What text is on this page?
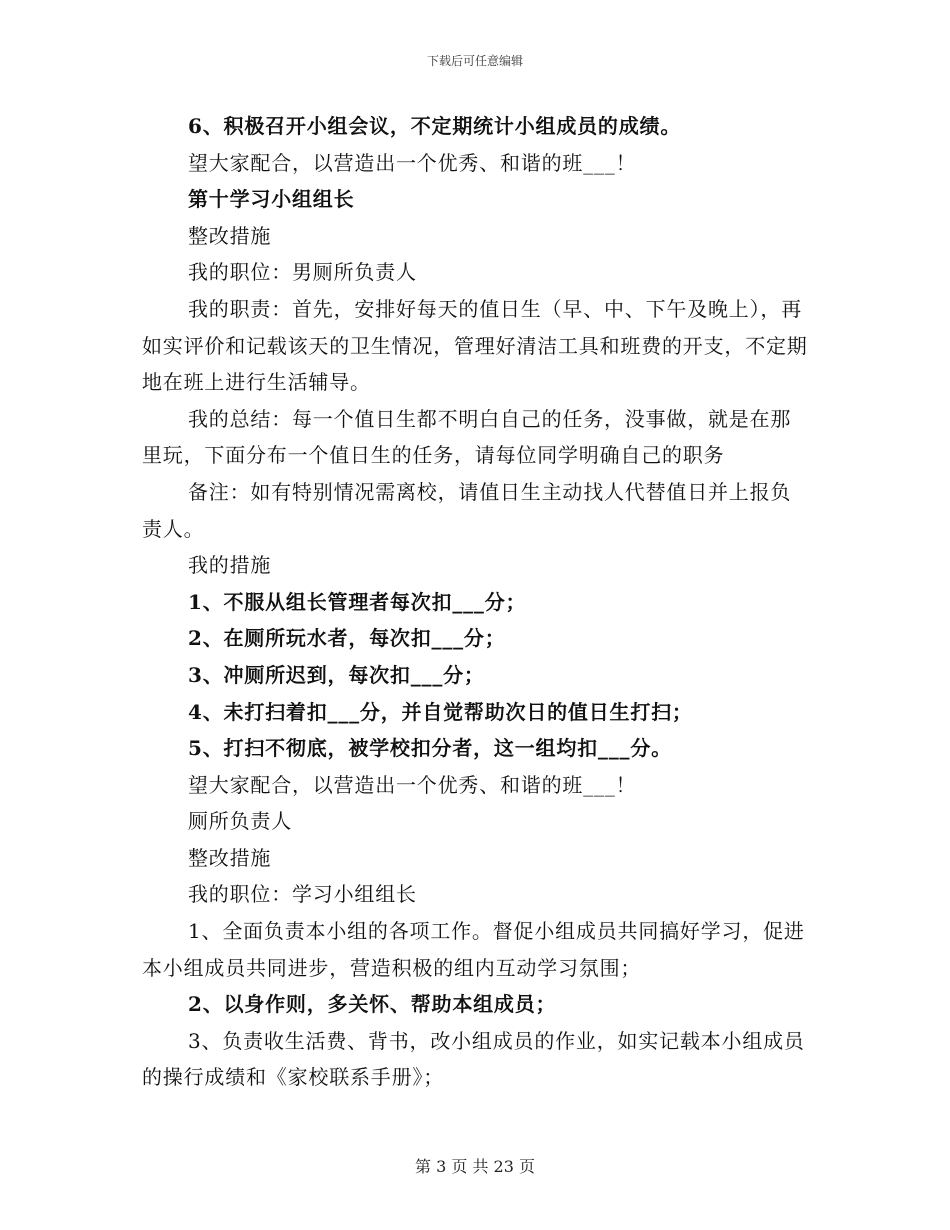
下载后可任意编辑

6、积极召开小组会议，不定期统计小组成员的成绩。

望大家配合，以营造出一个优秀、和谐的班___！

第十学习小组组长

整改措施

我的职位：男厕所负责人

我的职责：首先，安排好每天的值日生（早、中、下午及晚上），再如实评价和记载该天的卫生情况，管理好清洁工具和班费的开支，不定期地在班上进行生活辅导。

我的总结：每一个值日生都不明白自己的任务，没事做，就是在那里玩，下面分布一个值日生的任务，请每位同学明确自己的职务

备注：如有特别情况需离校，请值日生主动找人代替值日并上报负责人。

我的措施

1、不服从组长管理者每次扣___分；

2、在厕所玩水者，每次扣___分；

3、冲厕所迟到，每次扣___分；

4、未打扫着扣___分，并自觉帮助次日的值日生打扫；

5、打扫不彻底，被学校扣分者，这一组均扣___分。

望大家配合，以营造出一个优秀、和谐的班___！

厕所负责人

整改措施

我的职位：学习小组组长

1、全面负责本小组的各项工作。督促小组成员共同搞好学习，促进本小组成员共同进步，营造积极的组内互动学习氛围；

2、以身作则，多关怀、帮助本组成员；

3、负责收生活费、背书，改小组成员的作业，如实记载本小组成员的操行成绩和《家校联系手册》；

第 3 页 共 23 页
